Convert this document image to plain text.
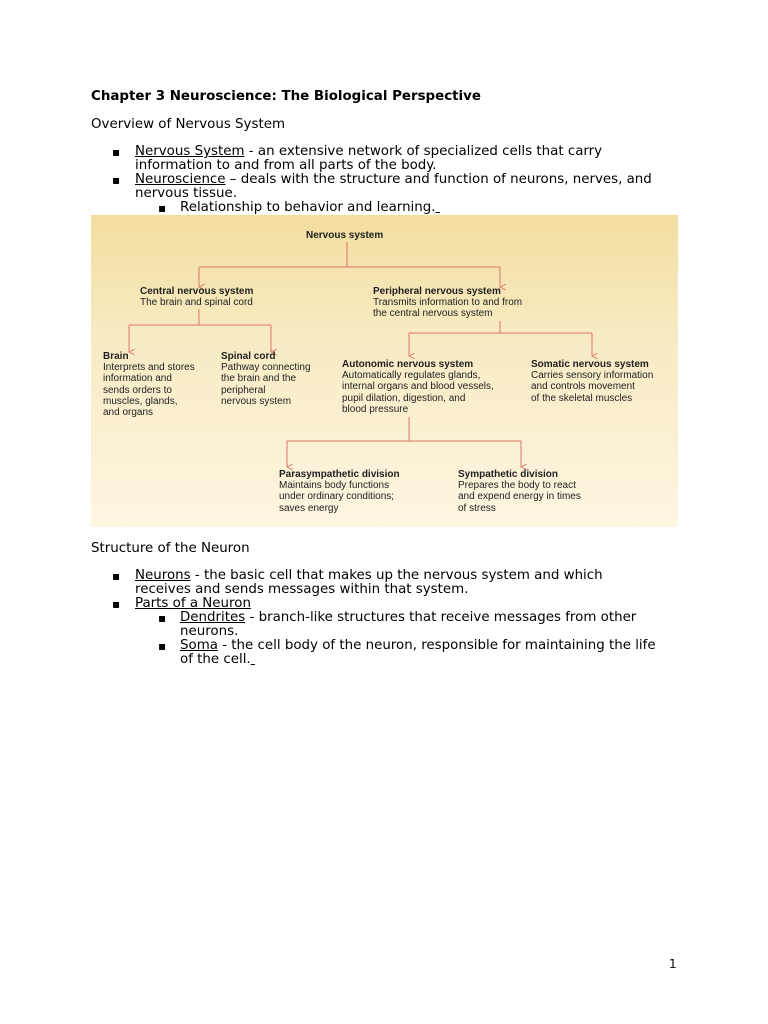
Chapter 3 Neuroscience: The Biological Perspective

Overview of Nervous System

▪ Nervous System - an extensive network of specialized cells that carry

information to and from all parts of the body.

▪ Neuroscience – deals with the structure and function of neurons, nerves, and

nervous tissue.

▪ Relationship to behavior and learning.

Nervous system

Central nervous system
The brain and spinal cord
Peripheral nervous system
Transmits information to and from
the central nervous system
Brain
Interprets and stores
information and
sends orders to
muscles, glands,
and organs
Spinal cord
Pathway connecting
the brain and the
peripheral
nervous system
Autonomic nervous system
Automatically regulates glands,
internal organs and blood vessels,
pupil dilation, digestion, and
blood pressure
Somatic nervous system
Carries sensory information
and controls movement
of the skeletal muscles
Parasympathetic division
Maintains body functions
under ordinary conditions;
saves energy
Sympathetic division
Prepares the body to react
and expend energy in times
of stress

Structure of the Neuron

▪ Neurons - the basic cell that makes up the nervous system and which

receives and sends messages within that system.

▪ Parts of a Neuron

▪ Dendrites - branch-like structures that receive messages from other

neurons.

▪ Soma - the cell body of the neuron, responsible for maintaining the life

of the cell.

1
